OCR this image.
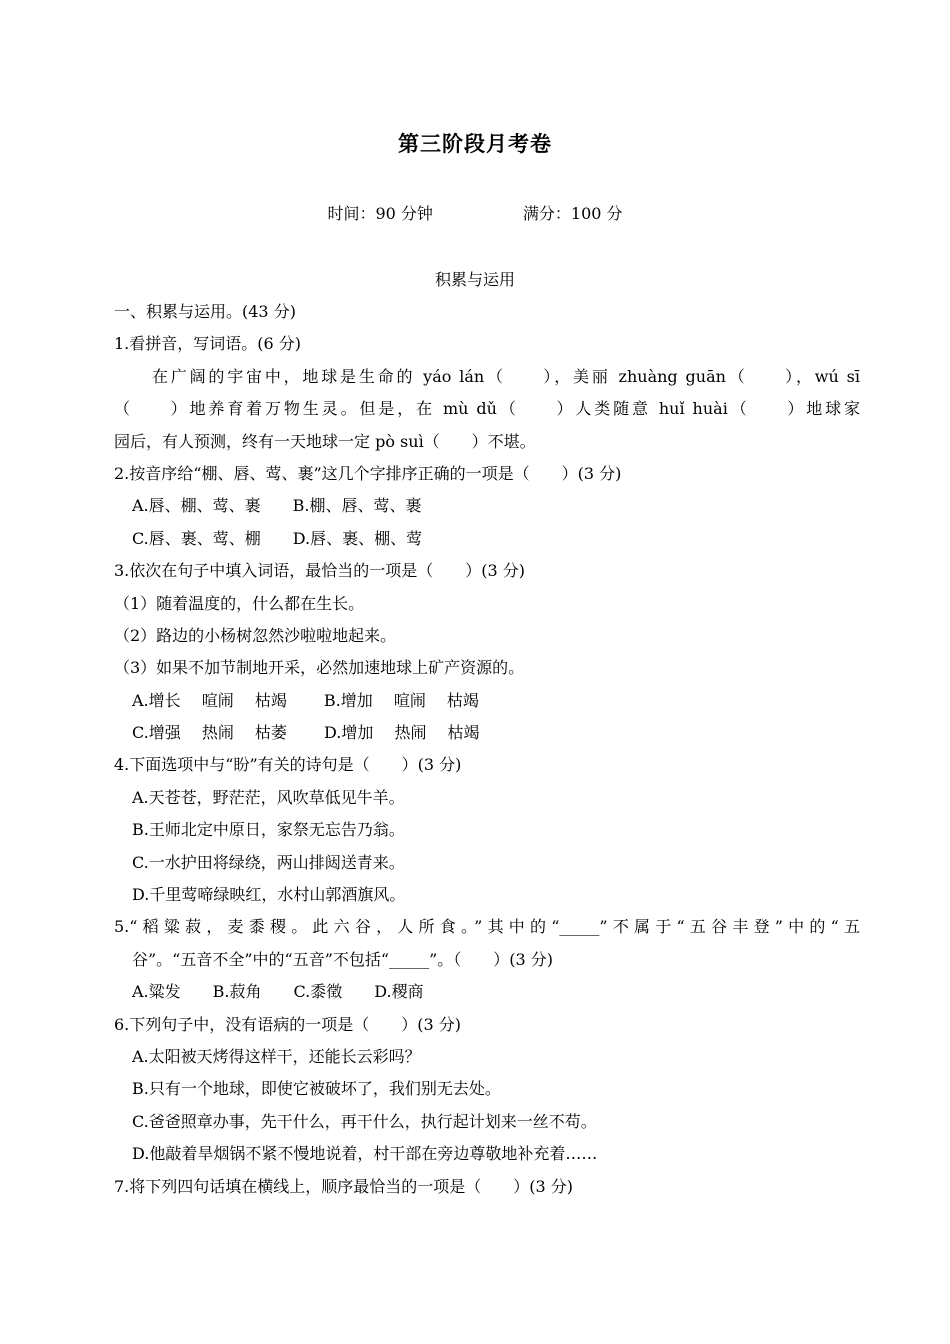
第三阶段月考卷
时间：90 分钟	满分：100 分
积累与运用
一、积累与运用。(43 分)
1.看拼音，写词语。(6 分)
在广阔的宇宙中，地球是生命的 yáo lán（　　），美丽 zhuàng guān（　　），wú sī
（　　）地养育着万物生灵。但是，在 mù dǔ（　　）人类随意 huǐ huài（　　）地球家
园后，有人预测，终有一天地球一定 pò suì（　　）不堪。
2.按音序给“棚、唇、莺、裹”这几个字排序正确的一项是（　　）(3 分)
A.唇、棚、莺、裹　　B.棚、唇、莺、裹
C.唇、裹、莺、棚　　D.唇、裹、棚、莺
3.依次在句子中填入词语，最恰当的一项是（　　）(3 分)
（1）随着温度的，什么都在生长。
（2）路边的小杨树忽然沙啦啦地起来。
（3）如果不加节制地开采，必然加速地球上矿产资源的。
A.增长　 喧闹　 枯竭　　 B.增加　 喧闹　 枯竭
C.增强　 热闹　 枯萎　　 D.增加　 热闹　 枯竭
4.下面选项中与“盼”有关的诗句是（　　）(3 分)
A.天苍苍，野茫茫，风吹草低见牛羊。
B.王师北定中原日，家祭无忘告乃翁。
C.一水护田将绿绕，两山排闼送青来。
D.千里莺啼绿映红，水村山郭酒旗风。
5.“稻粱菽，麦黍稷。此六谷，人所食。”其中的“_____”不属于“五谷丰登”中的“五
谷”。“五音不全”中的“五音”不包括“_____”。（　　）(3 分)
A.粱发　　B.菽角　　C.黍徵　　D.稷商
6.下列句子中，没有语病的一项是（　　）(3 分)
A.太阳被天烤得这样干，还能长云彩吗？
B.只有一个地球，即使它被破坏了，我们别无去处。
C.爸爸照章办事，先干什么，再干什么，执行起计划来一丝不苟。
D.他敲着旱烟锅不紧不慢地说着，村干部在旁边尊敬地补充着……
7.将下列四句话填在横线上，顺序最恰当的一项是（　　）(3 分)
